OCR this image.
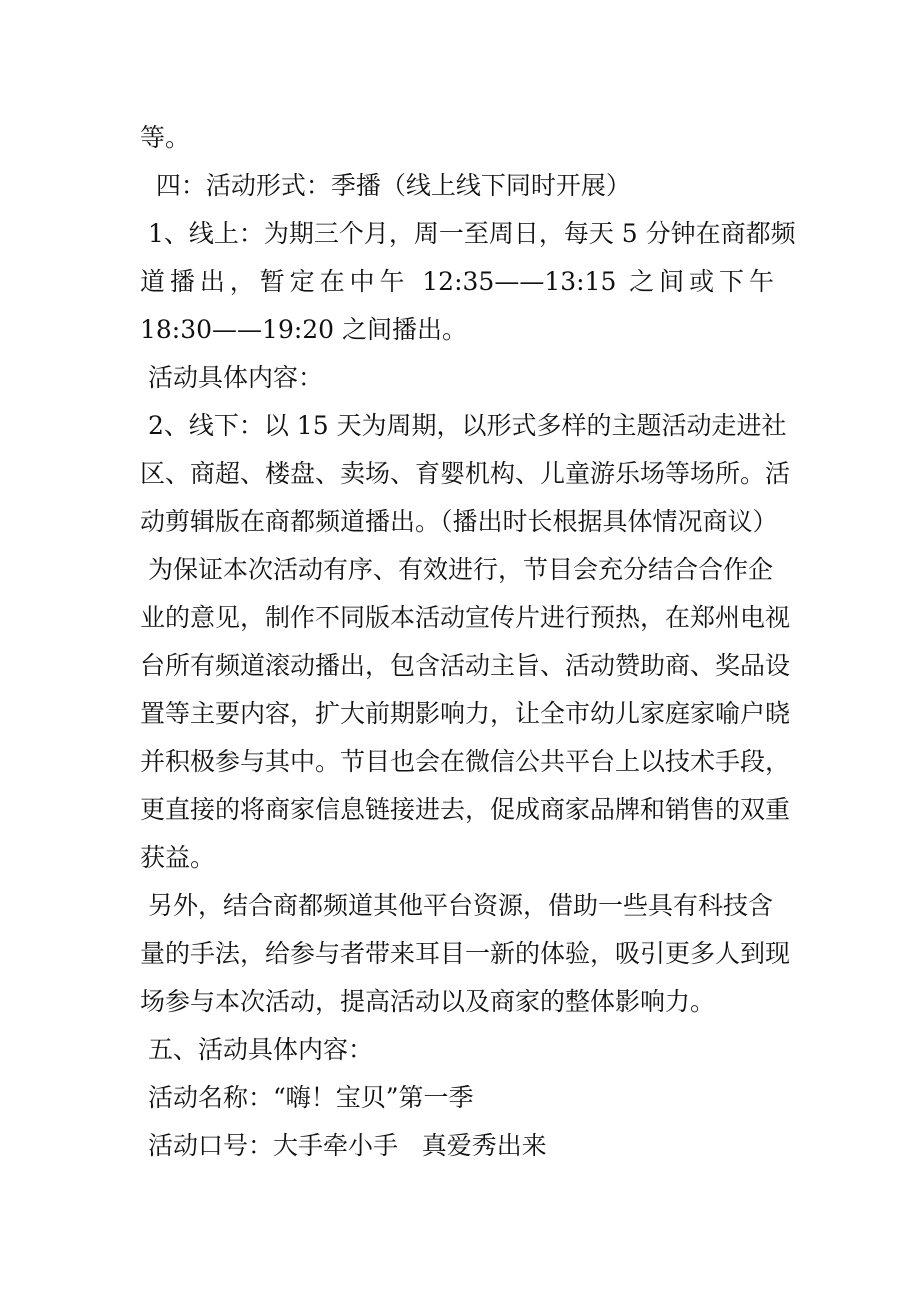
等。

四：活动形式：季播（线上线下同时开展）

1、线上：为期三个月，周一至周日，每天 5 分钟在商都频

道播出，暂定在中午 12:35——13:15 之间或下午

18:30——19:20 之间播出。

活动具体内容：

2、线下：以 15 天为周期，以形式多样的主题活动走进社

区、商超、楼盘、卖场、育婴机构、儿童游乐场等场所。活

动剪辑版在商都频道播出。（播出时长根据具体情况商议）

为保证本次活动有序、有效进行，节目会充分结合合作企

业的意见，制作不同版本活动宣传片进行预热，在郑州电视

台所有频道滚动播出，包含活动主旨、活动赞助商、奖品设

置等主要内容，扩大前期影响力，让全市幼儿家庭家喻户晓

并积极参与其中。节目也会在微信公共平台上以技术手段，

更直接的将商家信息链接进去，促成商家品牌和销售的双重

获益。

另外，结合商都频道其他平台资源，借助一些具有科技含

量的手法，给参与者带来耳目一新的体验，吸引更多人到现

场参与本次活动，提高活动以及商家的整体影响力。

五、活动具体内容：

活动名称：“嗨！宝贝”第一季

活动口号：大手牵小手   真爱秀出来
